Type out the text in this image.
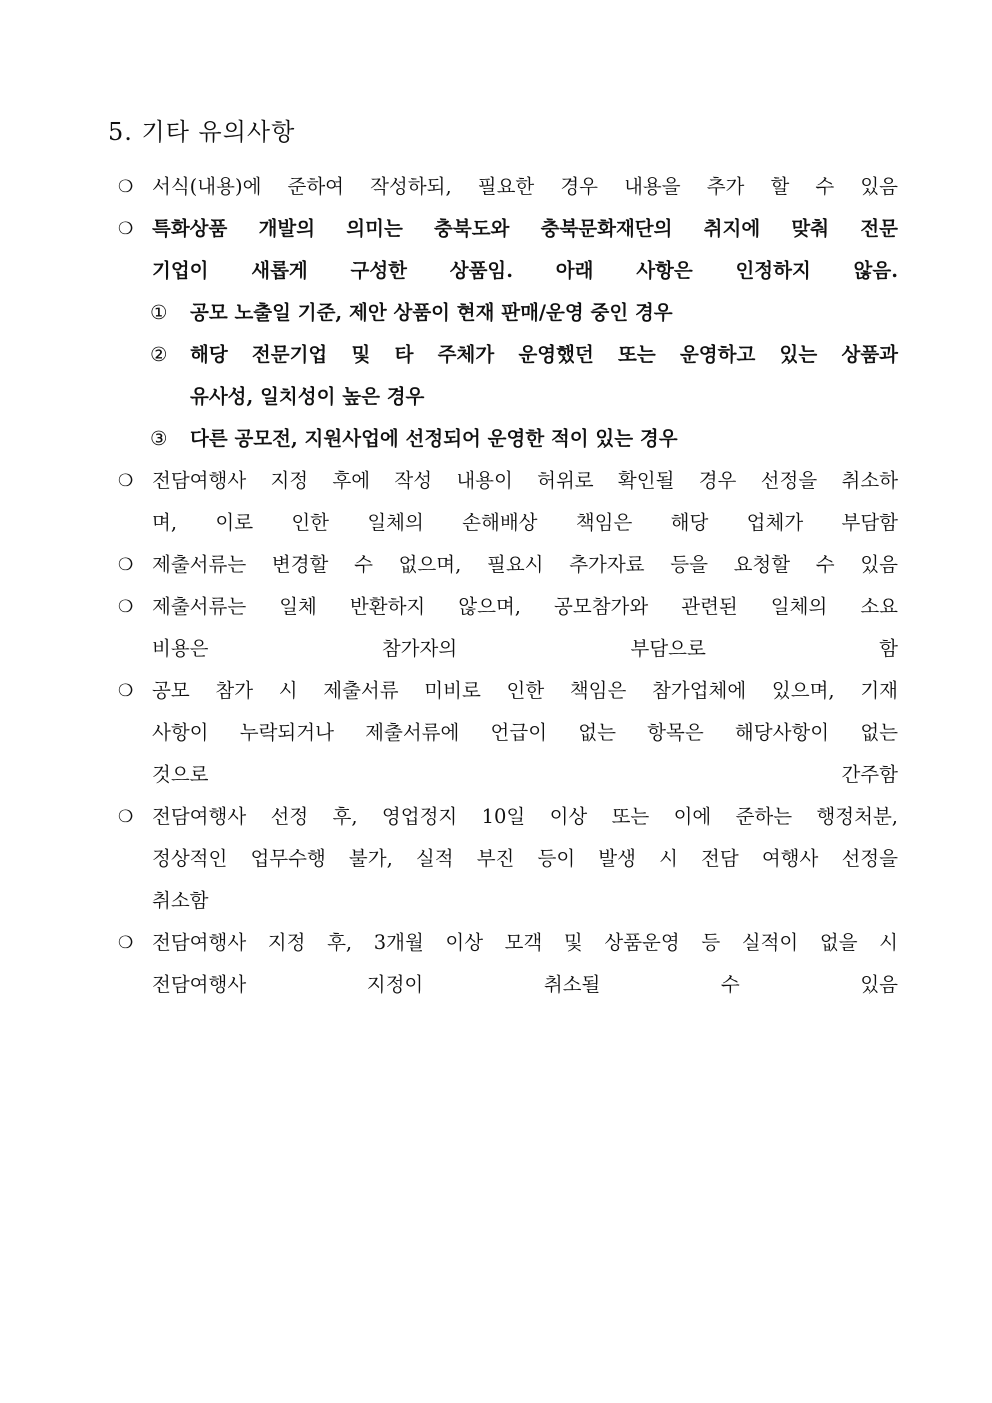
5. 기타 유의사항
❍ 서식(내용)에 준하여 작성하되, 필요한 경우 내용을 추가 할 수 있음
❍ 특화상품 개발의 의미는 충북도와 충북문화재단의 취지에 맞춰 전문
기업이 새롭게 구성한 상품임. 아래 사항은 인정하지 않음.
① 공모 노출일 기준, 제안 상품이 현재 판매/운영 중인 경우
② 해당 전문기업 및 타 주체가 운영했던 또는 운영하고 있는 상품과
유사성, 일치성이 높은 경우
③ 다른 공모전, 지원사업에 선정되어 운영한 적이 있는 경우
❍ 전담여행사 지정 후에 작성 내용이 허위로 확인될 경우 선정을 취소하
며, 이로 인한 일체의 손해배상 책임은 해당 업체가 부담함
❍ 제출서류는 변경할 수 없으며, 필요시 추가자료 등을 요청할 수 있음
❍ 제출서류는 일체 반환하지 않으며, 공모참가와 관련된 일체의 소요
비용은 참가자의 부담으로 함
❍ 공모 참가 시 제출서류 미비로 인한 책임은 참가업체에 있으며, 기재
사항이 누락되거나 제출서류에 언급이 없는 항목은 해당사항이 없는
것으로 간주함
❍ 전담여행사 선정 후, 영업정지 10일 이상 또는 이에 준하는 행정처분,
정상적인 업무수행 불가, 실적 부진 등이 발생 시 전담 여행사 선정을
취소함
❍ 전담여행사 지정 후, 3개월 이상 모객 및 상품운영 등 실적이 없을 시
전담여행사 지정이 취소될 수 있음
